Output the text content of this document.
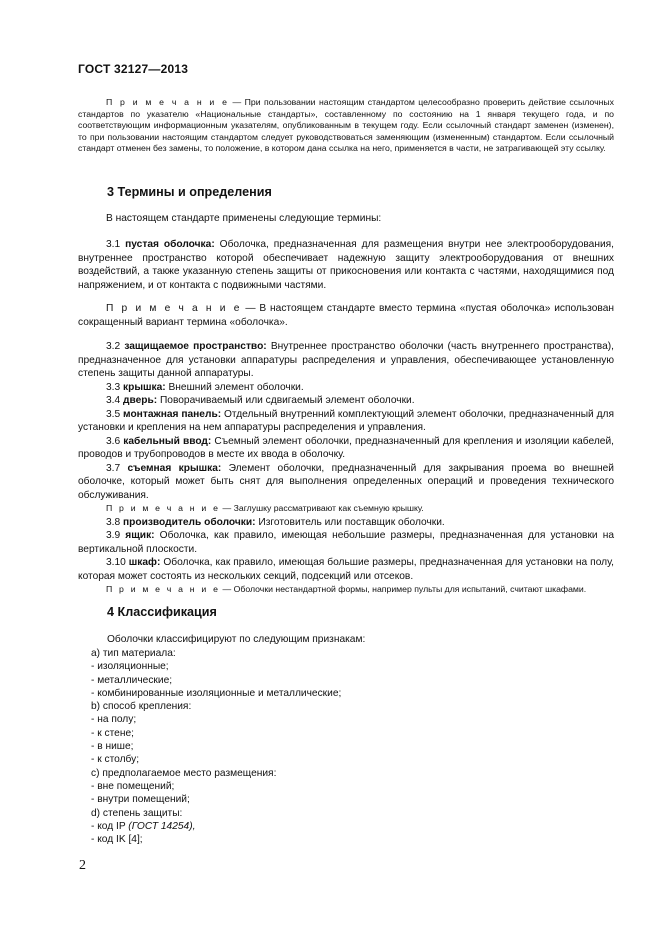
ГОСТ 32127—2013

П р и м е ч а н и е — При пользовании настоящим стандартом целесообразно проверить действие ссылочных стандартов по указателю «Национальные стандарты», составленному по состоянию на 1 января текущего года, и по соответствующим информационным указателям, опубликованным в текущем году. Если ссылочный стандарт заменен (изменен), то при пользовании настоящим стандартом следует руководствоваться заменяющим (измененным) стандартом. Если ссылочный стандарт отменен без замены, то положение, в котором дана ссылка на него, применяется в части, не затрагивающей эту ссылку.

3 Термины и определения

В настоящем стандарте применены следующие термины:

3.1 пустая оболочка: Оболочка, предназначенная для размещения внутри нее электрооборудования, внутреннее пространство которой обеспечивает надежную защиту электрооборудования от внешних воздействий, а также указанную степень защиты от прикосновения или контакта с частями, находящимися под напряжением, и от контакта с подвижными частями.

П р и м е ч а н и е — В настоящем стандарте вместо термина «пустая оболочка» использован сокращенный вариант термина «оболочка».

3.2 защищаемое пространство: Внутреннее пространство оболочки (часть внутреннего пространства), предназначенное для установки аппаратуры распределения и управления, обеспечивающее установленную степень защиты данной аппаратуры.

3.3 крышка: Внешний элемент оболочки.

3.4 дверь: Поворачиваемый или сдвигаемый элемент оболочки.

3.5 монтажная панель: Отдельный внутренний комплектующий элемент оболочки, предназначенный для установки и крепления на нем аппаратуры распределения и управления.

3.6 кабельный ввод: Съемный элемент оболочки, предназначенный для крепления и изоляции кабелей, проводов и трубопроводов в месте их ввода в оболочку.

3.7 съемная крышка: Элемент оболочки, предназначенный для закрывания проема во внешней оболочке, который может быть снят для выполнения определенных операций и проведения технического обслуживания.

П р и м е ч а н и е — Заглушку рассматривают как съемную крышку.

3.8 производитель оболочки: Изготовитель или поставщик оболочки.

3.9 ящик: Оболочка, как правило, имеющая небольшие размеры, предназначенная для установки на вертикальной плоскости.

3.10 шкаф: Оболочка, как правило, имеющая большие размеры, предназначенная для установки на полу, которая может состоять из нескольких секций, подсекций или отсеков.

П р и м е ч а н и е — Оболочки нестандартной формы, например пульты для испытаний, считают шкафами.

4 Классификация
Оболочки классифицируют по следующим признакам:
a) тип материала:
- изоляционные;
- металлические;
- комбинированные изоляционные и металлические;
b) способ крепления:
- на полу;
- к стене;
- в нише;
- к столбу;
c) предполагаемое место размещения:
- вне помещений;
- внутри помещений;
d) степень защиты:
- код IP (ГОСТ 14254),
- код IK [4];
2
